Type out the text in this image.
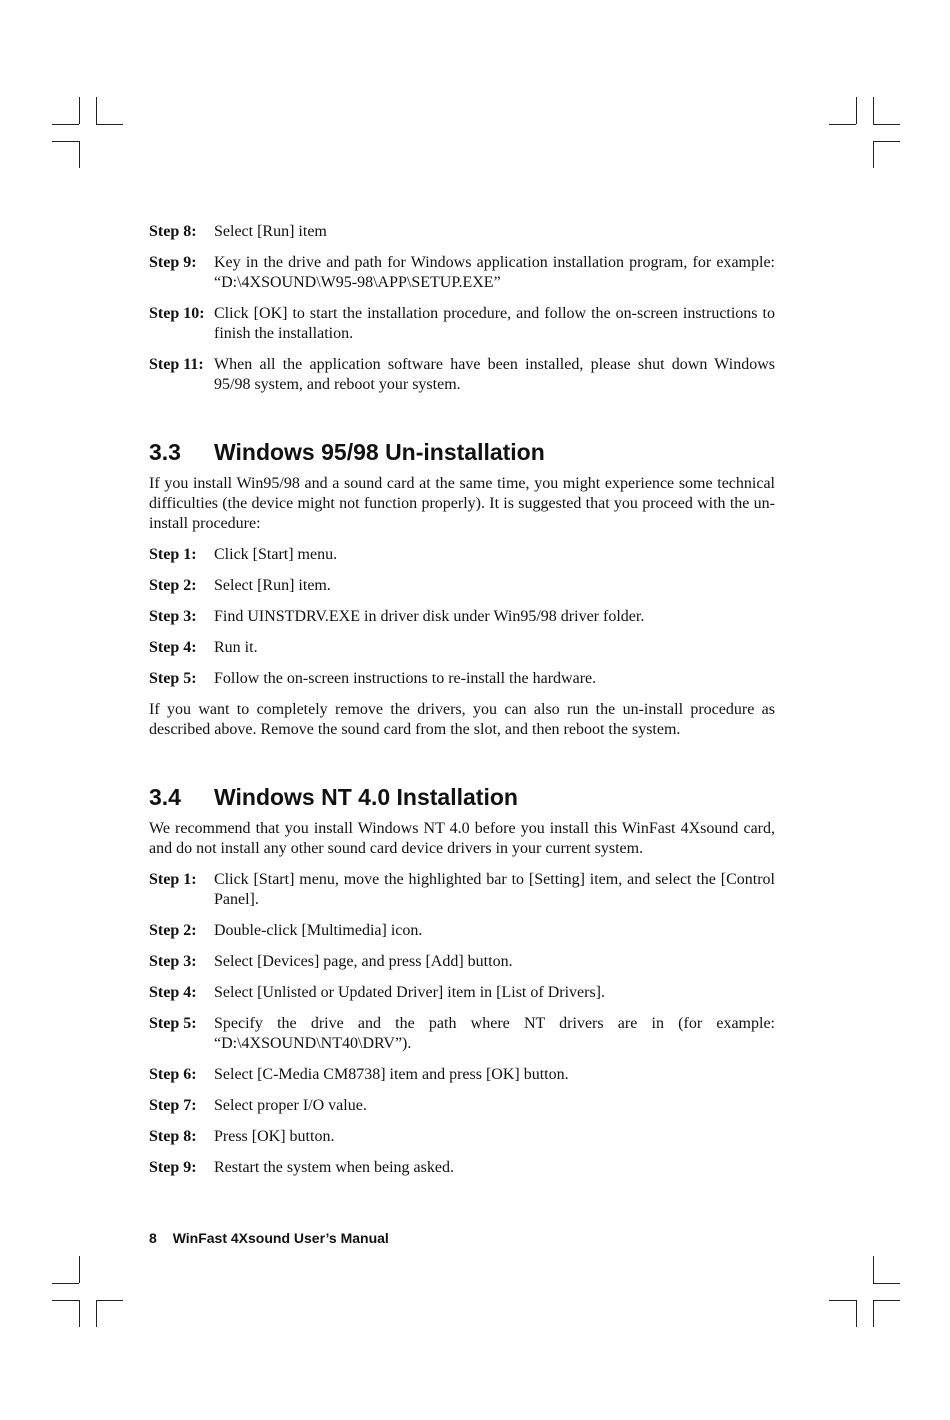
Step 8:	Select [Run] item
Step 9:	Key in the drive and path for Windows application installation program, for example: “D:\4XSOUND\W95-98\APP\SETUP.EXE”
Step 10: Click [OK] to start the installation procedure, and follow the on-screen instructions to finish the installation.
Step 11: When all the application software have been installed, please shut down Windows 95/98 system, and reboot your system.
3.3	Windows 95/98 Un-installation

If you install Win95/98 and a sound card at the same time, you might experience some technical difficulties (the device might not function properly). It is suggested that you proceed with the un-install procedure:

Step 1:	Click [Start] menu.
Step 2:	Select [Run] item.
Step 3:	Find UINSTDRV.EXE in driver disk under Win95/98 driver folder.
Step 4:	Run it.
Step 5:	Follow the on-screen instructions to re-install the hardware.

If you want to completely remove the drivers, you can also run the un-install procedure as described above. Remove the sound card from the slot, and then reboot the system.

3.4	Windows NT 4.0 Installation

We recommend that you install Windows NT 4.0 before you install this WinFast 4Xsound card, and do not install any other sound card device drivers in your current system.

Step 1:	Click [Start] menu, move the highlighted bar to [Setting] item, and select the [Control Panel].
Step 2:	Double-click [Multimedia] icon.
Step 3:	Select [Devices] page, and press [Add] button.
Step 4:	Select [Unlisted or Updated Driver] item in [List of Drivers].
Step 5:	Specify the drive and the path where NT drivers are in (for example: “D:\4XSOUND\NT40\DRV”).
Step 6:	Select [C-Media CM8738] item and press [OK] button.
Step 7:	Select proper I/O value.
Step 8:	Press [OK] button.
Step 9:	Restart the system when being asked.
8 WinFast 4Xsound User’s Manual
